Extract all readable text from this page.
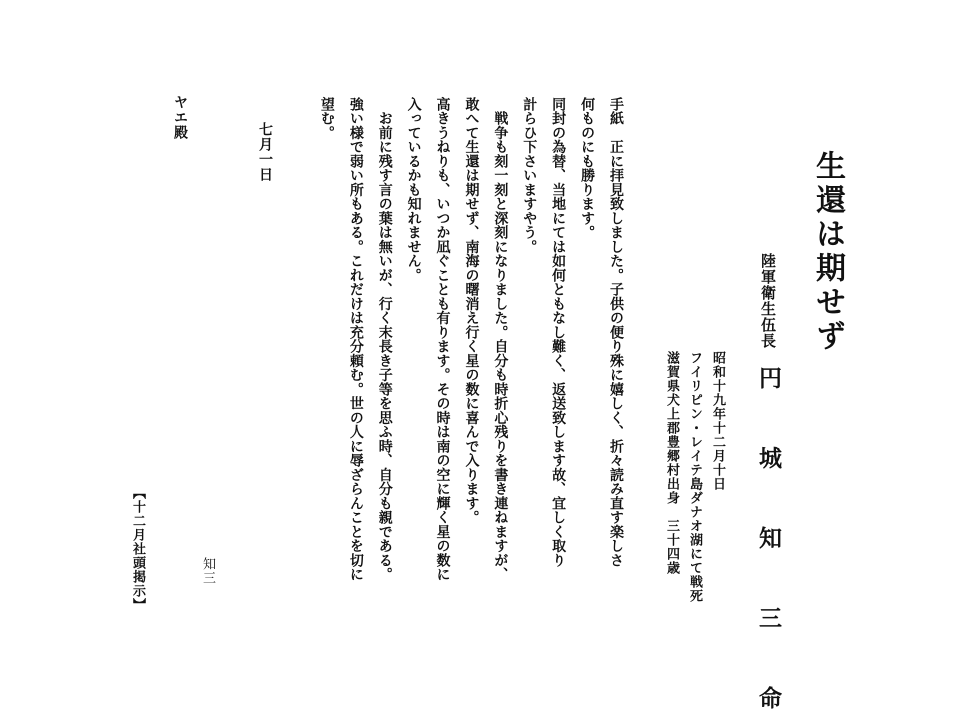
生還は期せず
陸軍衛生伍長
円　城　知　三　命
昭和十九年十二月十日
フイリピン・レイテ島ダナオ湖にて戦死
滋賀県犬上郡豊郷村出身　三十四歳
手紙　正に拝見致しました。子供の便り殊に嬉しく、折々読み直す楽しさ
何ものにも勝ります。
同封の為替、当地にては如何ともなし難く、返送致します故、宜しく取り
計らひ下さいますやう。
　戦争も刻一刻と深刻になりました。自分も時折心残りを書き連ねますが、
敢へて生還は期せず、南海の曙消え行く星の数に喜んで入ります。
高きうねりも、いつか凪ぐことも有ります。その時は南の空に輝く星の数に
入っているかも知れません。
　お前に残す言の葉は無いが、行く末長き子等を思ふ時、自分も親である。
強い様で弱い所もある。これだけは充分頼む。世の人に辱ざらんことを切に
望む。
七月一日
知三
ヤエ殿
【十二月社頭掲示】
